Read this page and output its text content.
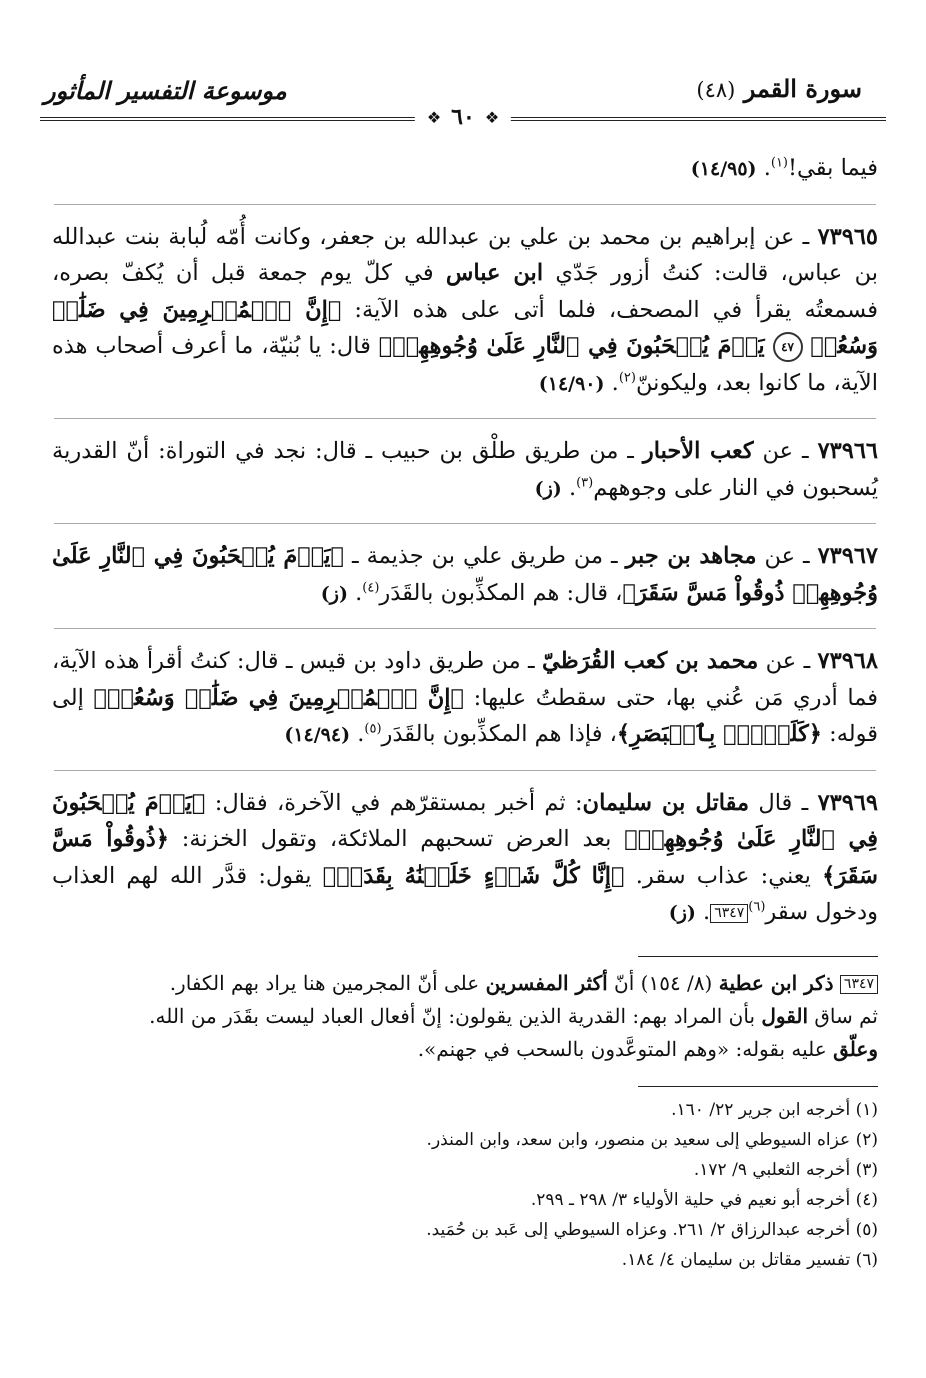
سورة القمر (٤٨)
موسوعة التفسير المأثور
❖ ٦٠ ❖

فيما بقي!$^{(١)}$. (١٤/٩٥)

٧٣٩٦٥ ـ عن إبراهيم بن محمد بن علي بن عبدالله بن جعفر، وكانت أُمّه لُبابة بنت عبدالله بن عباس، قالت: كنتُ أزور جَدّي ابن عباس في كلّ يوم جمعة قبل أن يُكفّ بصره، فسمعتُه يقرأ في المصحف، فلما أتى على هذه الآية: ﴿إِنَّ ٱلۡمُجۡرِمِينَ فِي ضَلَٰلٖ وَسُعُرٖ ٤٧ يَوۡمَ يُسۡحَبُونَ فِي ٱلنَّارِ عَلَىٰ وُجُوهِهِمۡ﴾ قال: يا بُنيّة، ما أعرف أصحاب هذه الآية، ما كانوا بعد، وليكوننّ$^{(٢)}$. (١٤/٩٠)

٧٣٩٦٦ ـ عن كعب الأحبار ـ من طريق طلْق بن حبيب ـ قال: نجد في التوراة: أنّ القدرية يُسحبون في النار على وجوههم$^{(٣)}$. (ز)

٧٣٩٦٧ ـ عن مجاهد بن جبر ـ من طريق علي بن جذيمة ـ ﴿يَوۡمَ يُسۡحَبُونَ فِي ٱلنَّارِ عَلَىٰ وُجُوهِهِمۡ ذُوقُواْ مَسَّ سَقَرَ﴾، قال: هم المكذِّبون بالقَدَر$^{(٤)}$. (ز)

٧٣٩٦٨ ـ عن محمد بن كعب القُرَظيّ ـ من طريق داود بن قيس ـ قال: كنتُ أقرأ هذه الآية، فما أدري مَن عُني بها، حتى سقطتُ عليها: ﴿إِنَّ ٱلۡمُجۡرِمِينَ فِي ضَلَٰلٖ وَسُعُرٖ﴾ إلى قوله: ﴿كَلَمۡحِۭ بِٱلۡبَصَرِ﴾، فإذا هم المكذِّبون بالقَدَر$^{(٥)}$. (١٤/٩٤)

٧٣٩٦٩ ـ قال مقاتل بن سليمان: ثم أخبر بمستقرّهم في الآخرة، فقال: ﴿يَوۡمَ يُسۡحَبُونَ فِي ٱلنَّارِ عَلَىٰ وُجُوهِهِمۡ﴾ بعد العرض تسحبهم الملائكة، وتقول الخزنة: ﴿ذُوقُواْ مَسَّ سَقَرَ﴾ يعني: عذاب سقر. ﴿إِنَّا كُلَّ شَيۡءٍ خَلَقۡنَٰهُ بِقَدَرٖ﴾ يقول: قدَّر الله لهم العذاب ودخول سقر$^{(٦)}$٦٣٤٧. (ز)

٦٣٤٧ ذكر ابن عطية (٨/ ١٥٤) أنّ أكثر المفسرين على أنّ المجرمين هنا يراد بهم الكفار.

ثم ساق القول بأن المراد بهم: القدرية الذين يقولون: إنّ أفعال العباد ليست بقَدَر من الله.

وعلّق عليه بقوله: «وهم المتوعَّدون بالسحب في جهنم».

(١) أخرجه ابن جرير ٢٢/ ١٦٠.

(٢) عزاه السيوطي إلى سعيد بن منصور، وابن سعد، وابن المنذر.

(٣) أخرجه الثعلبي ٩/ ١٧٢.

(٤) أخرجه أبو نعيم في حلية الأولياء ٣/ ٢٩٨ ـ ٢٩٩.

(٥) أخرجه عبدالرزاق ٢/ ٢٦١. وعزاه السيوطي إلى عَبد بن حُمَيد.

(٦) تفسير مقاتل بن سليمان ٤/ ١٨٤.
